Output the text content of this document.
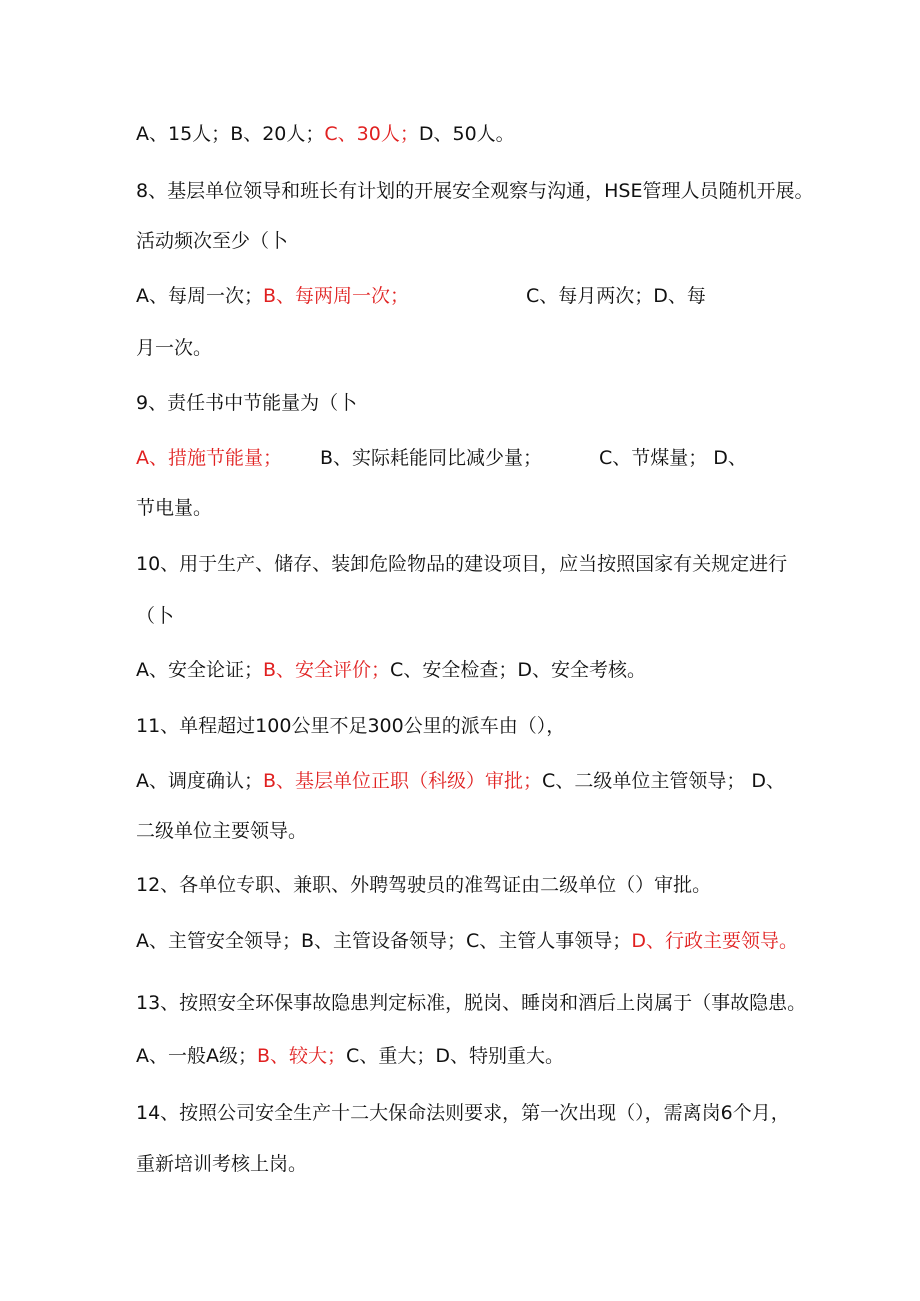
A、15人；B、20人；C、30人；D、50人。
8、基层单位领导和班长有计划的开展安全观察与沟通，HSE管理人员随机开展。
活动频次至少（卜
A、每周一次；B、每两周一次；	C、每月两次；D、每
月一次。
9、责任书中节能量为（卜
A、措施节能量； B、实际耗能同比减少量；	C、节煤量； D、
节电量。
10、用于生产、储存、装卸危险物品的建设项目，应当按照国家有关规定进行
（卜
A、安全论证；B、安全评价；C、安全检查；D、安全考核。
11、单程超过100公里不足300公里的派车由（），
A、调度确认；B、基层单位正职（科级）审批；C、二级单位主管领导； D、
二级单位主要领导。
12、各单位专职、兼职、外聘驾驶员的准驾证由二级单位（）审批。
A、主管安全领导；B、主管设备领导；C、主管人事领导；D、行政主要领导。
13、按照安全环保事故隐患判定标准，脱岗、睡岗和酒后上岗属于（事故隐患。
A、一般A级；B、较大；C、重大；D、特别重大。
14、按照公司安全生产十二大保命法则要求，第一次出现（），需离岗6个月，
重新培训考核上岗。
